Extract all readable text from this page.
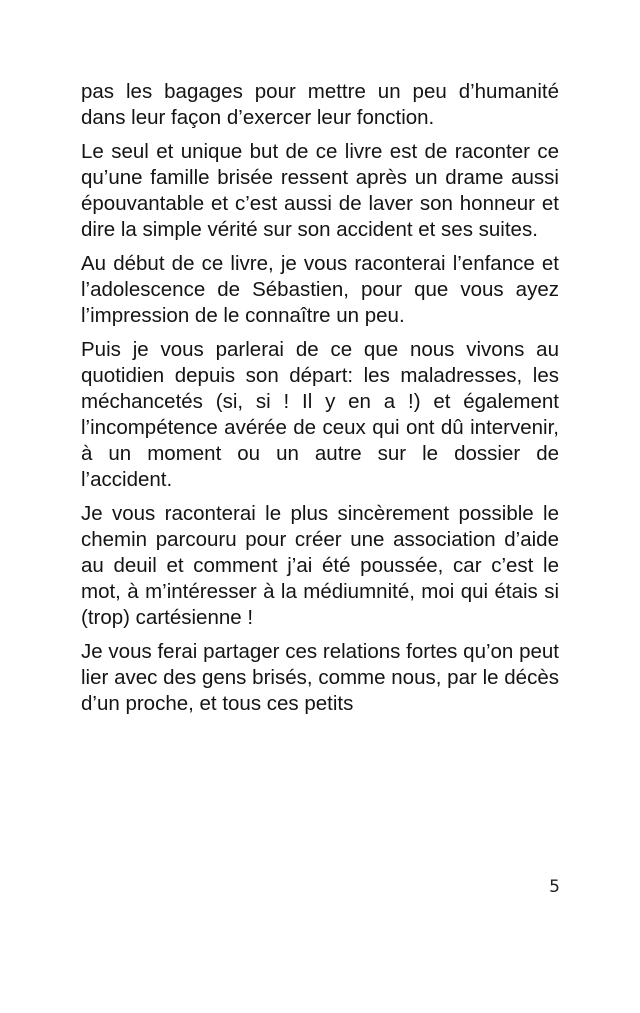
pas les bagages pour mettre un peu d’humanité dans leur façon d’exercer leur fonction.

Le seul et unique but de ce livre est de raconter ce qu’une famille brisée ressent après un drame aussi épouvantable et c’est aussi de laver son honneur et dire la simple vérité sur son accident et ses suites.

Au début de ce livre, je vous raconterai l’enfance et l’adolescence de Sébastien, pour que vous ayez l’impression de le connaître un peu.

Puis je vous parlerai de ce que nous vivons au quotidien depuis son départ: les maladresses, les méchancetés (si, si ! Il y en a !) et également l’incompétence avérée de ceux qui ont dû intervenir, à un moment ou un autre sur le dossier de l’accident.

Je vous raconterai le plus sincèrement possible le chemin parcouru pour créer une association d’aide au deuil et comment j’ai été poussée, car c’est le mot, à m’intéresser à la médiumnité, moi qui étais si (trop) cartésienne !

Je vous ferai partager ces relations fortes qu’on peut lier avec des gens brisés, comme nous, par le décès d’un proche, et tous ces petits

5
